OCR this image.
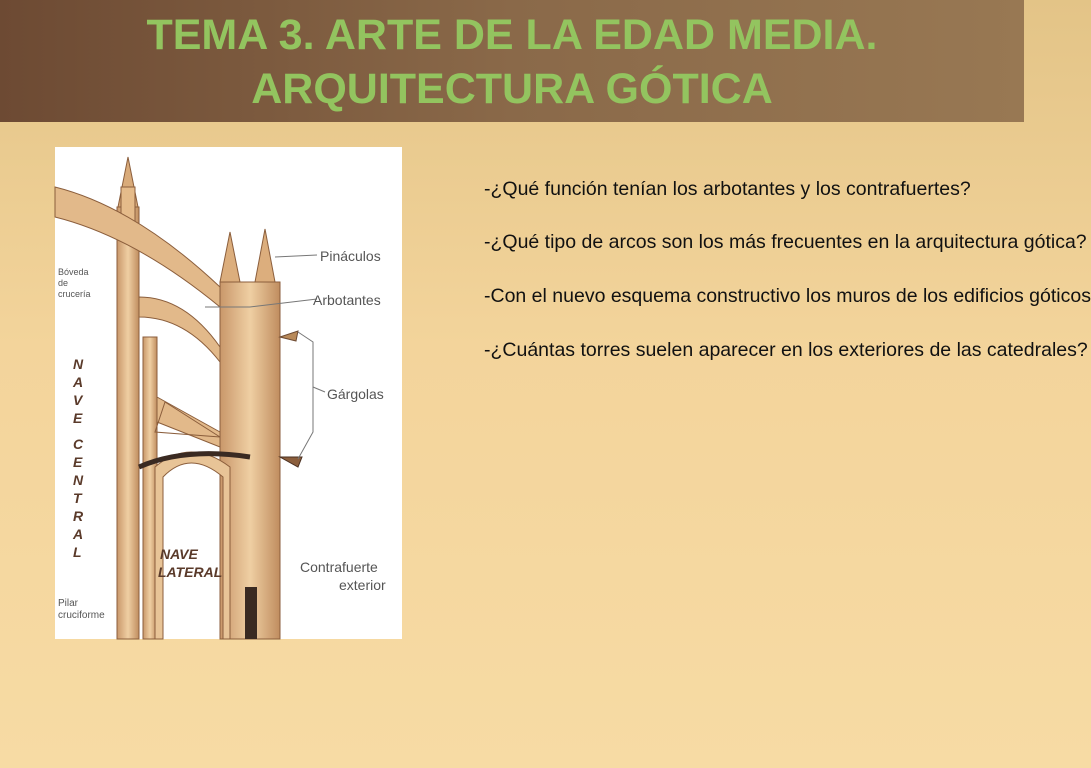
TEMA 3. ARTE DE LA EDAD MEDIA.
ARQUITECTURA GÓTICA
Pináculos
Arbotantes
Gárgolas
Contrafuerte
exterior
Bóveda
de
crucería
Pilar
cruciforme
NAVE
LATERAL
N
A
V
E
C
E
N
T
R
A
L

-¿Qué función tenían los arbotantes y los contrafuertes?

-¿Qué tipo de arcos son los más frecuentes en la arquitectura gótica?

-Con el nuevo esquema constructivo los muros de los edificios góticos

-¿Cuántas torres suelen aparecer en los exteriores de las catedrales?
